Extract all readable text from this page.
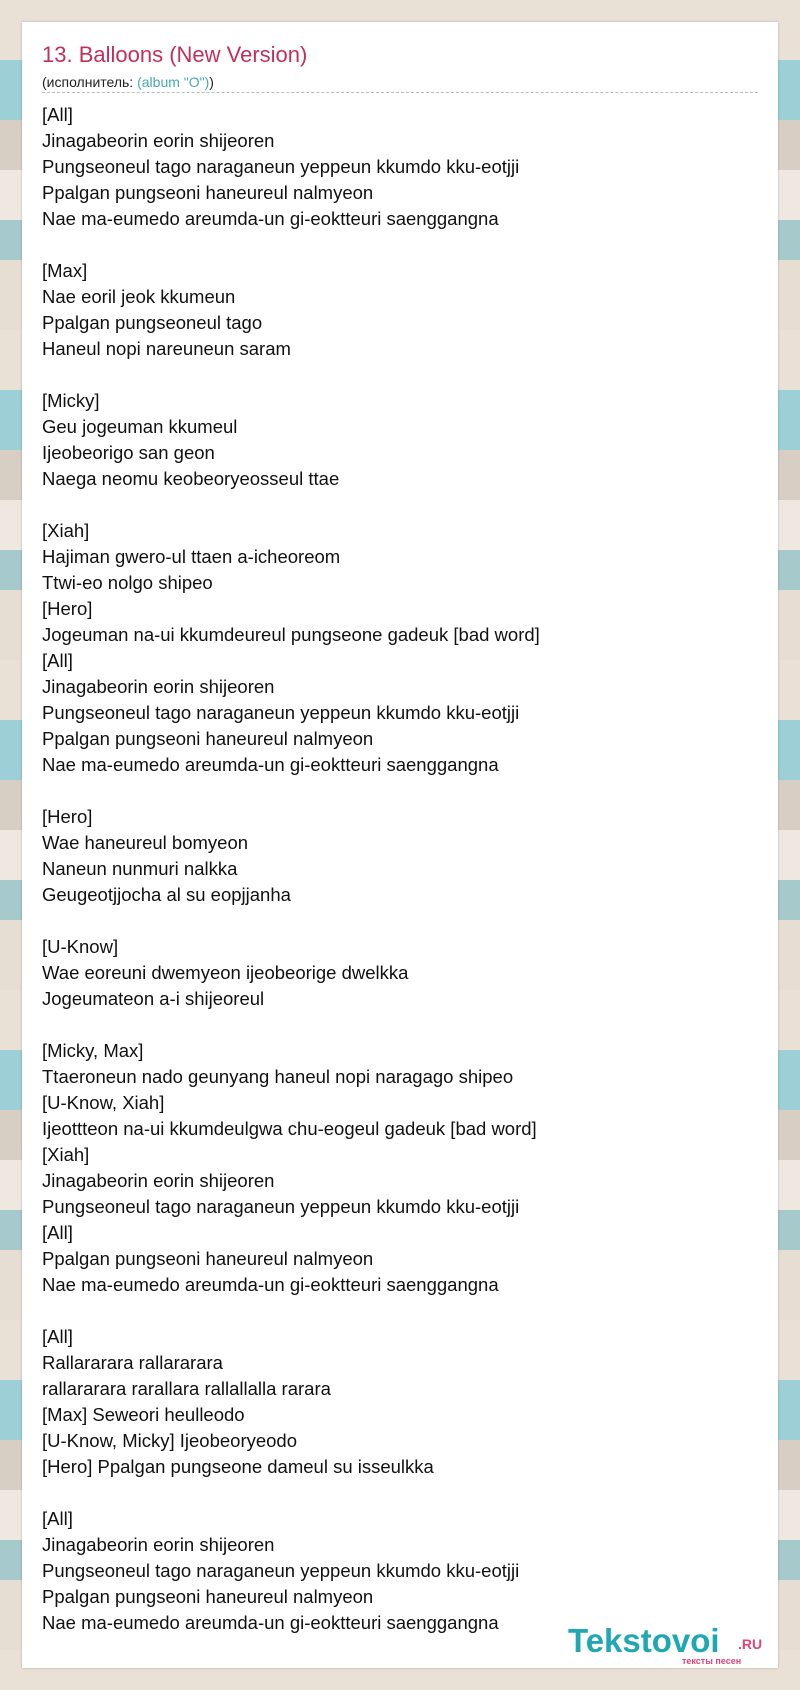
13. Balloons (New Version)
(исполнитель: (album "O"))
[All]
Jinagabeorin eorin shijeoren
Pungseoneul tago naraganeun yeppeun kkumdo kku-eotjji
Ppalgan pungseoni haneureul nalmyeon
Nae ma-eumedo areumda-un gi-eoktteuri saenggangna

[Max]
Nae eoril jeok kkumeun
Ppalgan pungseoneul tago
Haneul nopi nareuneun saram

[Micky]
Geu jogeuman kkumeul
Ijeobeorigo san geon
Naega neomu keobeoryeosseul ttae

[Xiah]
Hajiman gwero-ul ttaen a-icheoreom
Ttwi-eo nolgo shipeo
[Hero]
Jogeuman na-ui kkumdeureul pungseone gadeuk [bad word]
[All]
Jinagabeorin eorin shijeoren
Pungseoneul tago naraganeun yeppeun kkumdo kku-eotjji
Ppalgan pungseoni haneureul nalmyeon
Nae ma-eumedo areumda-un gi-eoktteuri saenggangna

[Hero]
Wae haneureul bomyeon
Naneun nunmuri nalkka
Geugeotjjocha al su eopjjanha

[U-Know]
Wae eoreuni dwemyeon ijeobeorige dwelkka
Jogeumateon a-i shijeoreul

[Micky, Max]
Ttaeroneun nado geunyang haneul nopi naragago shipeo
[U-Know, Xiah]
Ijeottteon na-ui kkumdeulgwa chu-eogeul gadeuk [bad word]
[Xiah]
Jinagabeorin eorin shijeoren
Pungseoneul tago naraganeun yeppeun kkumdo kku-eotjji
[All]
Ppalgan pungseoni haneureul nalmyeon
Nae ma-eumedo areumda-un gi-eoktteuri saenggangna

[All]
Rallararara rallararara
rallararara rarallara rallallalla rarara
[Max] Seweori heulleodo
[U-Know, Micky] Ijeobeoryeodo
[Hero] Ppalgan pungseone dameul su isseulkka

[All]
Jinagabeorin eorin shijeoren
Pungseoneul tago naraganeun yeppeun kkumdo kku-eotjji
Ppalgan pungseoni haneureul nalmyeon
Nae ma-eumedo areumda-un gi-eoktteuri saenggangna	Tekstovoi .RU
тексты песен
